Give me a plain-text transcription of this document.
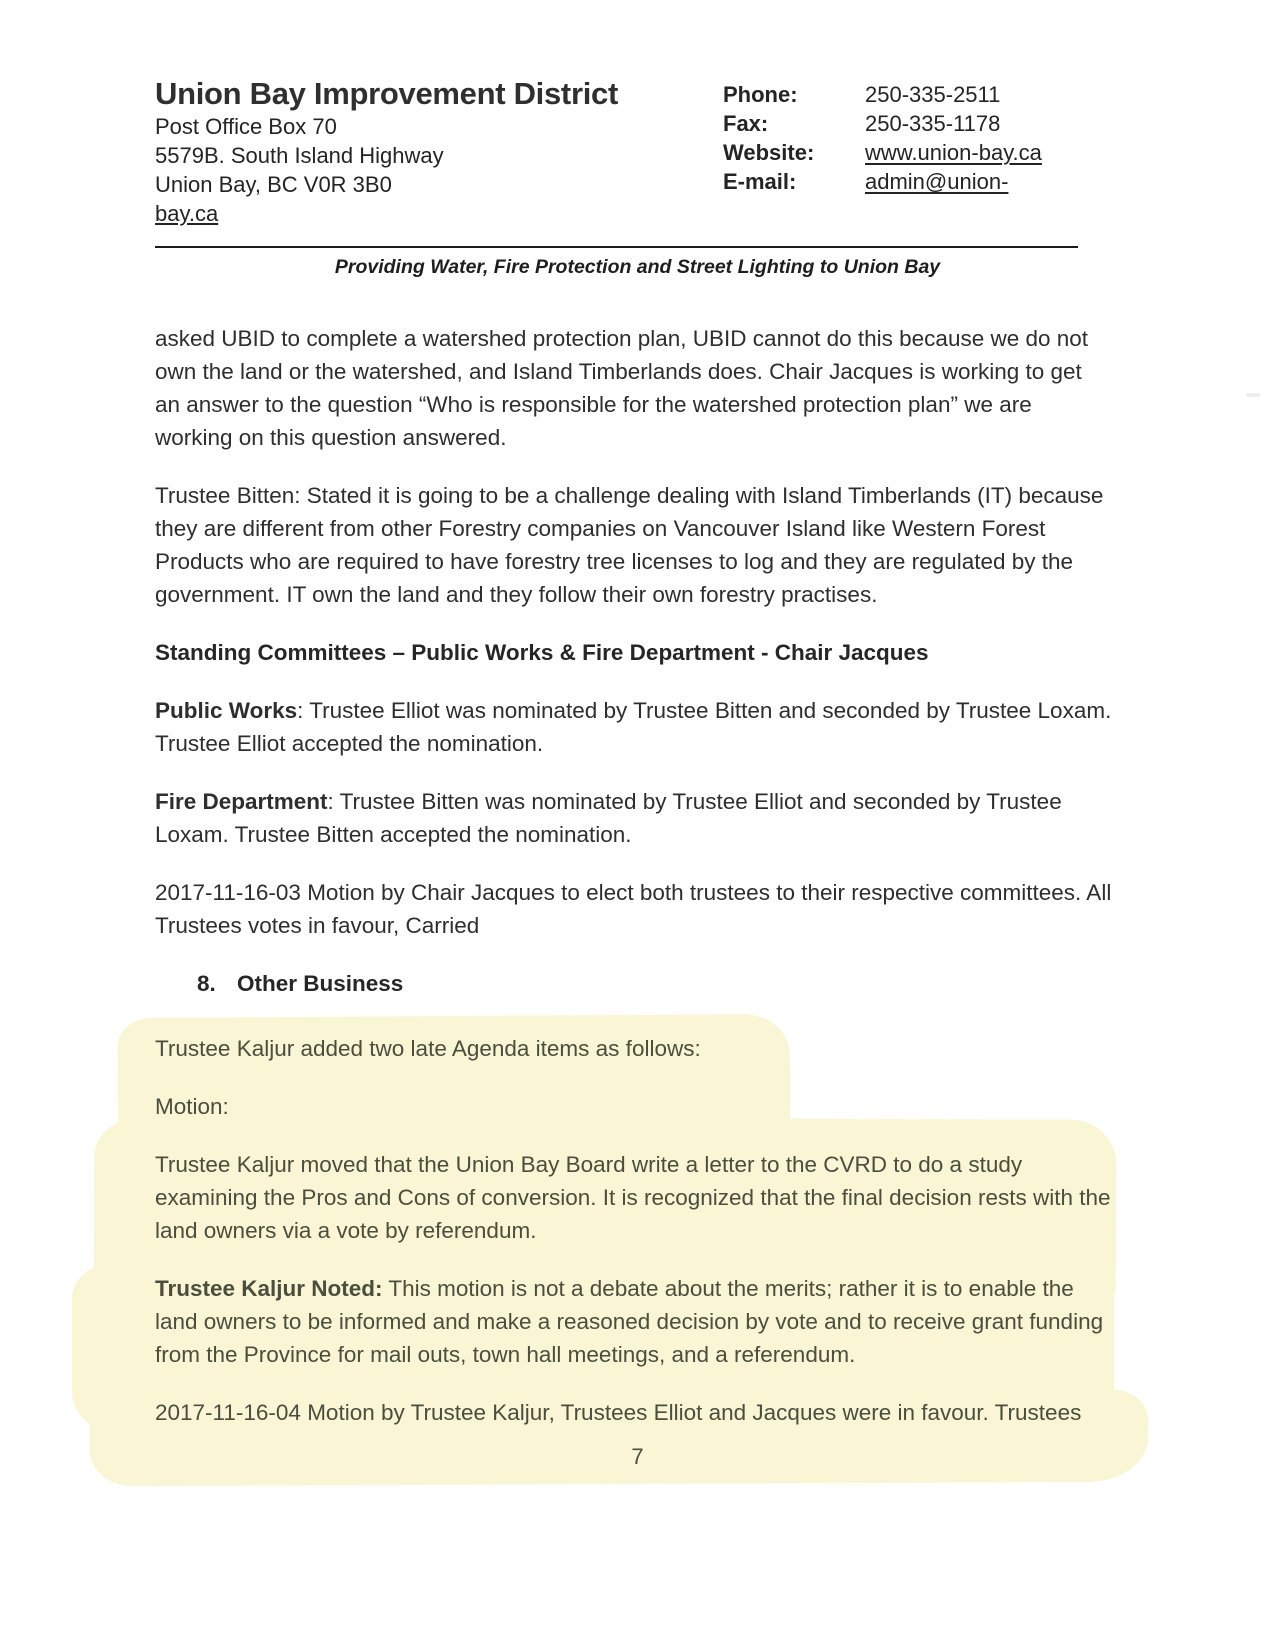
Union Bay Improvement District
Post Office Box 70
5579B. South Island Highway
Union Bay, BC V0R 3B0
bay.ca
Phone:	250-335-2511
Fax:	250-335-1178
Website:	www.union-bay.ca
E-mail:	admin@union-
Providing Water, Fire Protection and Street Lighting to Union Bay
asked UBID to complete a watershed protection plan, UBID cannot do this because we do not own the land or the watershed, and Island Timberlands does. Chair Jacques is working to get an answer to the question “Who is responsible for the watershed protection plan” we are working on this question answered.
Trustee Bitten: Stated it is going to be a challenge dealing with Island Timberlands (IT) because they are different from other Forestry companies on Vancouver Island like Western Forest Products who are required to have forestry tree licenses to log and they are regulated by the government. IT own the land and they follow their own forestry practises.
Standing Committees – Public Works & Fire Department - Chair Jacques
Public Works: Trustee Elliot was nominated by Trustee Bitten and seconded by Trustee Loxam. Trustee Elliot accepted the nomination.
Fire Department: Trustee Bitten was nominated by Trustee Elliot and seconded by Trustee Loxam. Trustee Bitten accepted the nomination.
2017-11-16-03 Motion by Chair Jacques to elect both trustees to their respective committees. All Trustees votes in favour, Carried
8. Other Business
Trustee Kaljur added two late Agenda items as follows:
Motion:
Trustee Kaljur moved that the Union Bay Board write a letter to the CVRD to do a study examining the Pros and Cons of conversion. It is recognized that the final decision rests with the land owners via a vote by referendum.
Trustee Kaljur Noted: This motion is not a debate about the merits; rather it is to enable the land owners to be informed and make a reasoned decision by vote and to receive grant funding from the Province for mail outs, town hall meetings, and a referendum.
2017-11-16-04 Motion by Trustee Kaljur, Trustees Elliot and Jacques were in favour. Trustees
7
